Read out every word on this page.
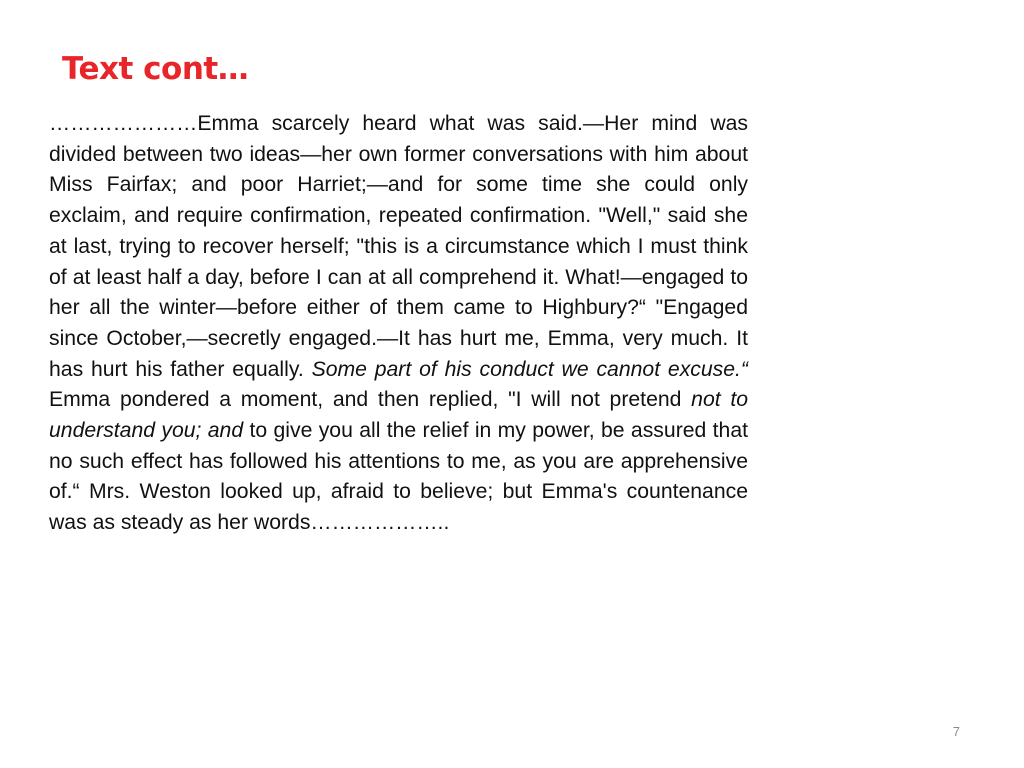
Text cont…

…………………Emma scarcely heard what was said.—Her mind was divided between two ideas—her own former conversations with him about Miss Fairfax; and poor Harriet;—and for some time she could only exclaim, and require confirmation, repeated confirmation. "Well," said she at last, trying to recover herself; "this is a circumstance which I must think of at least half a day, before I can at all comprehend it. What!—engaged to her all the winter—before either of them came to Highbury?“ "Engaged since October,—secretly engaged.—It has hurt me, Emma, very much. It has hurt his father equally. Some part of his conduct we cannot excuse.“ Emma pondered a moment, and then replied, "I will not pretend not to understand you; and to give you all the relief in my power, be assured that no such effect has followed his attentions to me, as you are apprehensive of.“ Mrs. Weston looked up, afraid to believe; but Emma's countenance was as steady as her words………………..

7
